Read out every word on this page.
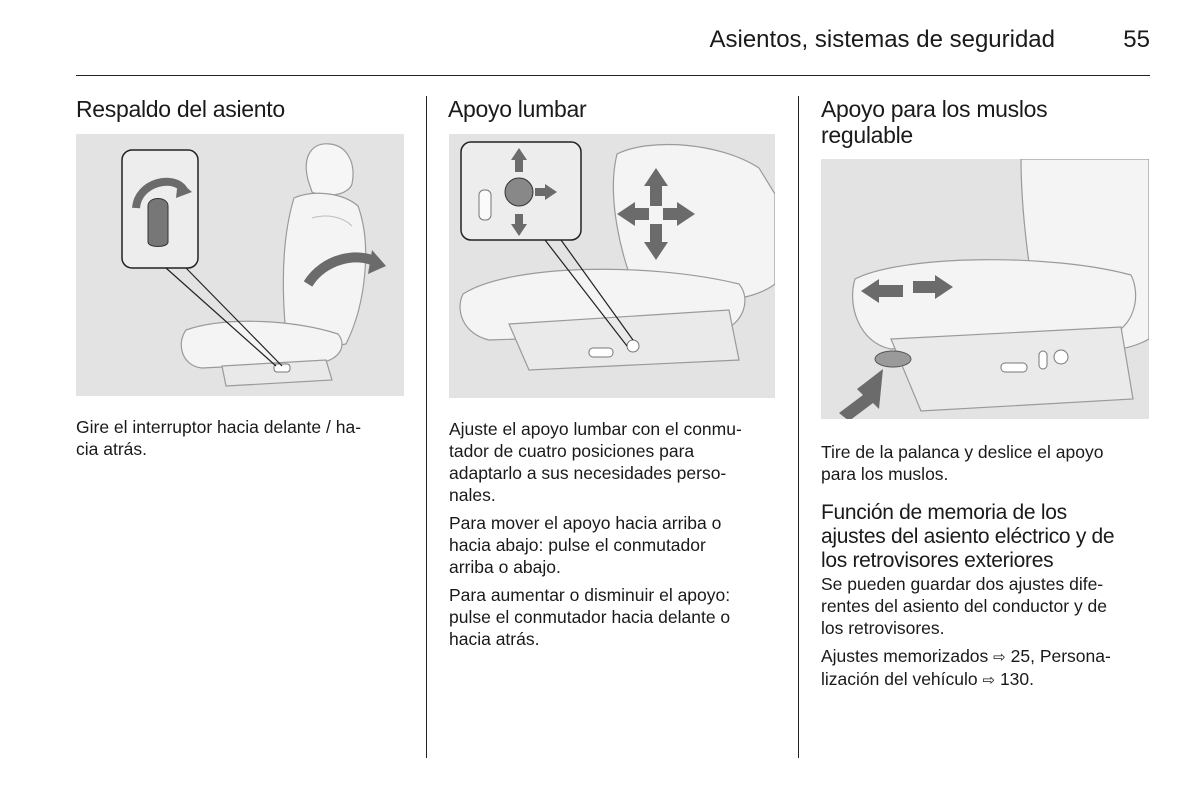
Asientos, sistemas de seguridad	55
Respaldo del asiento

Gire el interruptor hacia delante / ha-
cia atrás.

Apoyo lumbar

Ajuste el apoyo lumbar con el conmu-
tador de cuatro posiciones para
adaptarlo a sus necesidades perso-
nales.

Para mover el apoyo hacia arriba o
hacia abajo: pulse el conmutador
arriba o abajo.

Para aumentar o disminuir el apoyo:
pulse el conmutador hacia delante o
hacia atrás.

Apoyo para los muslos
regulable

Tire de la palanca y deslice el apoyo
para los muslos.

Función de memoria de los
ajustes del asiento eléctrico y de
los retrovisores exteriores

Se pueden guardar dos ajustes dife-
rentes del asiento del conductor y de
los retrovisores.

Ajustes memorizados ⇨ 25, Persona-
lización del vehículo ⇨ 130.
